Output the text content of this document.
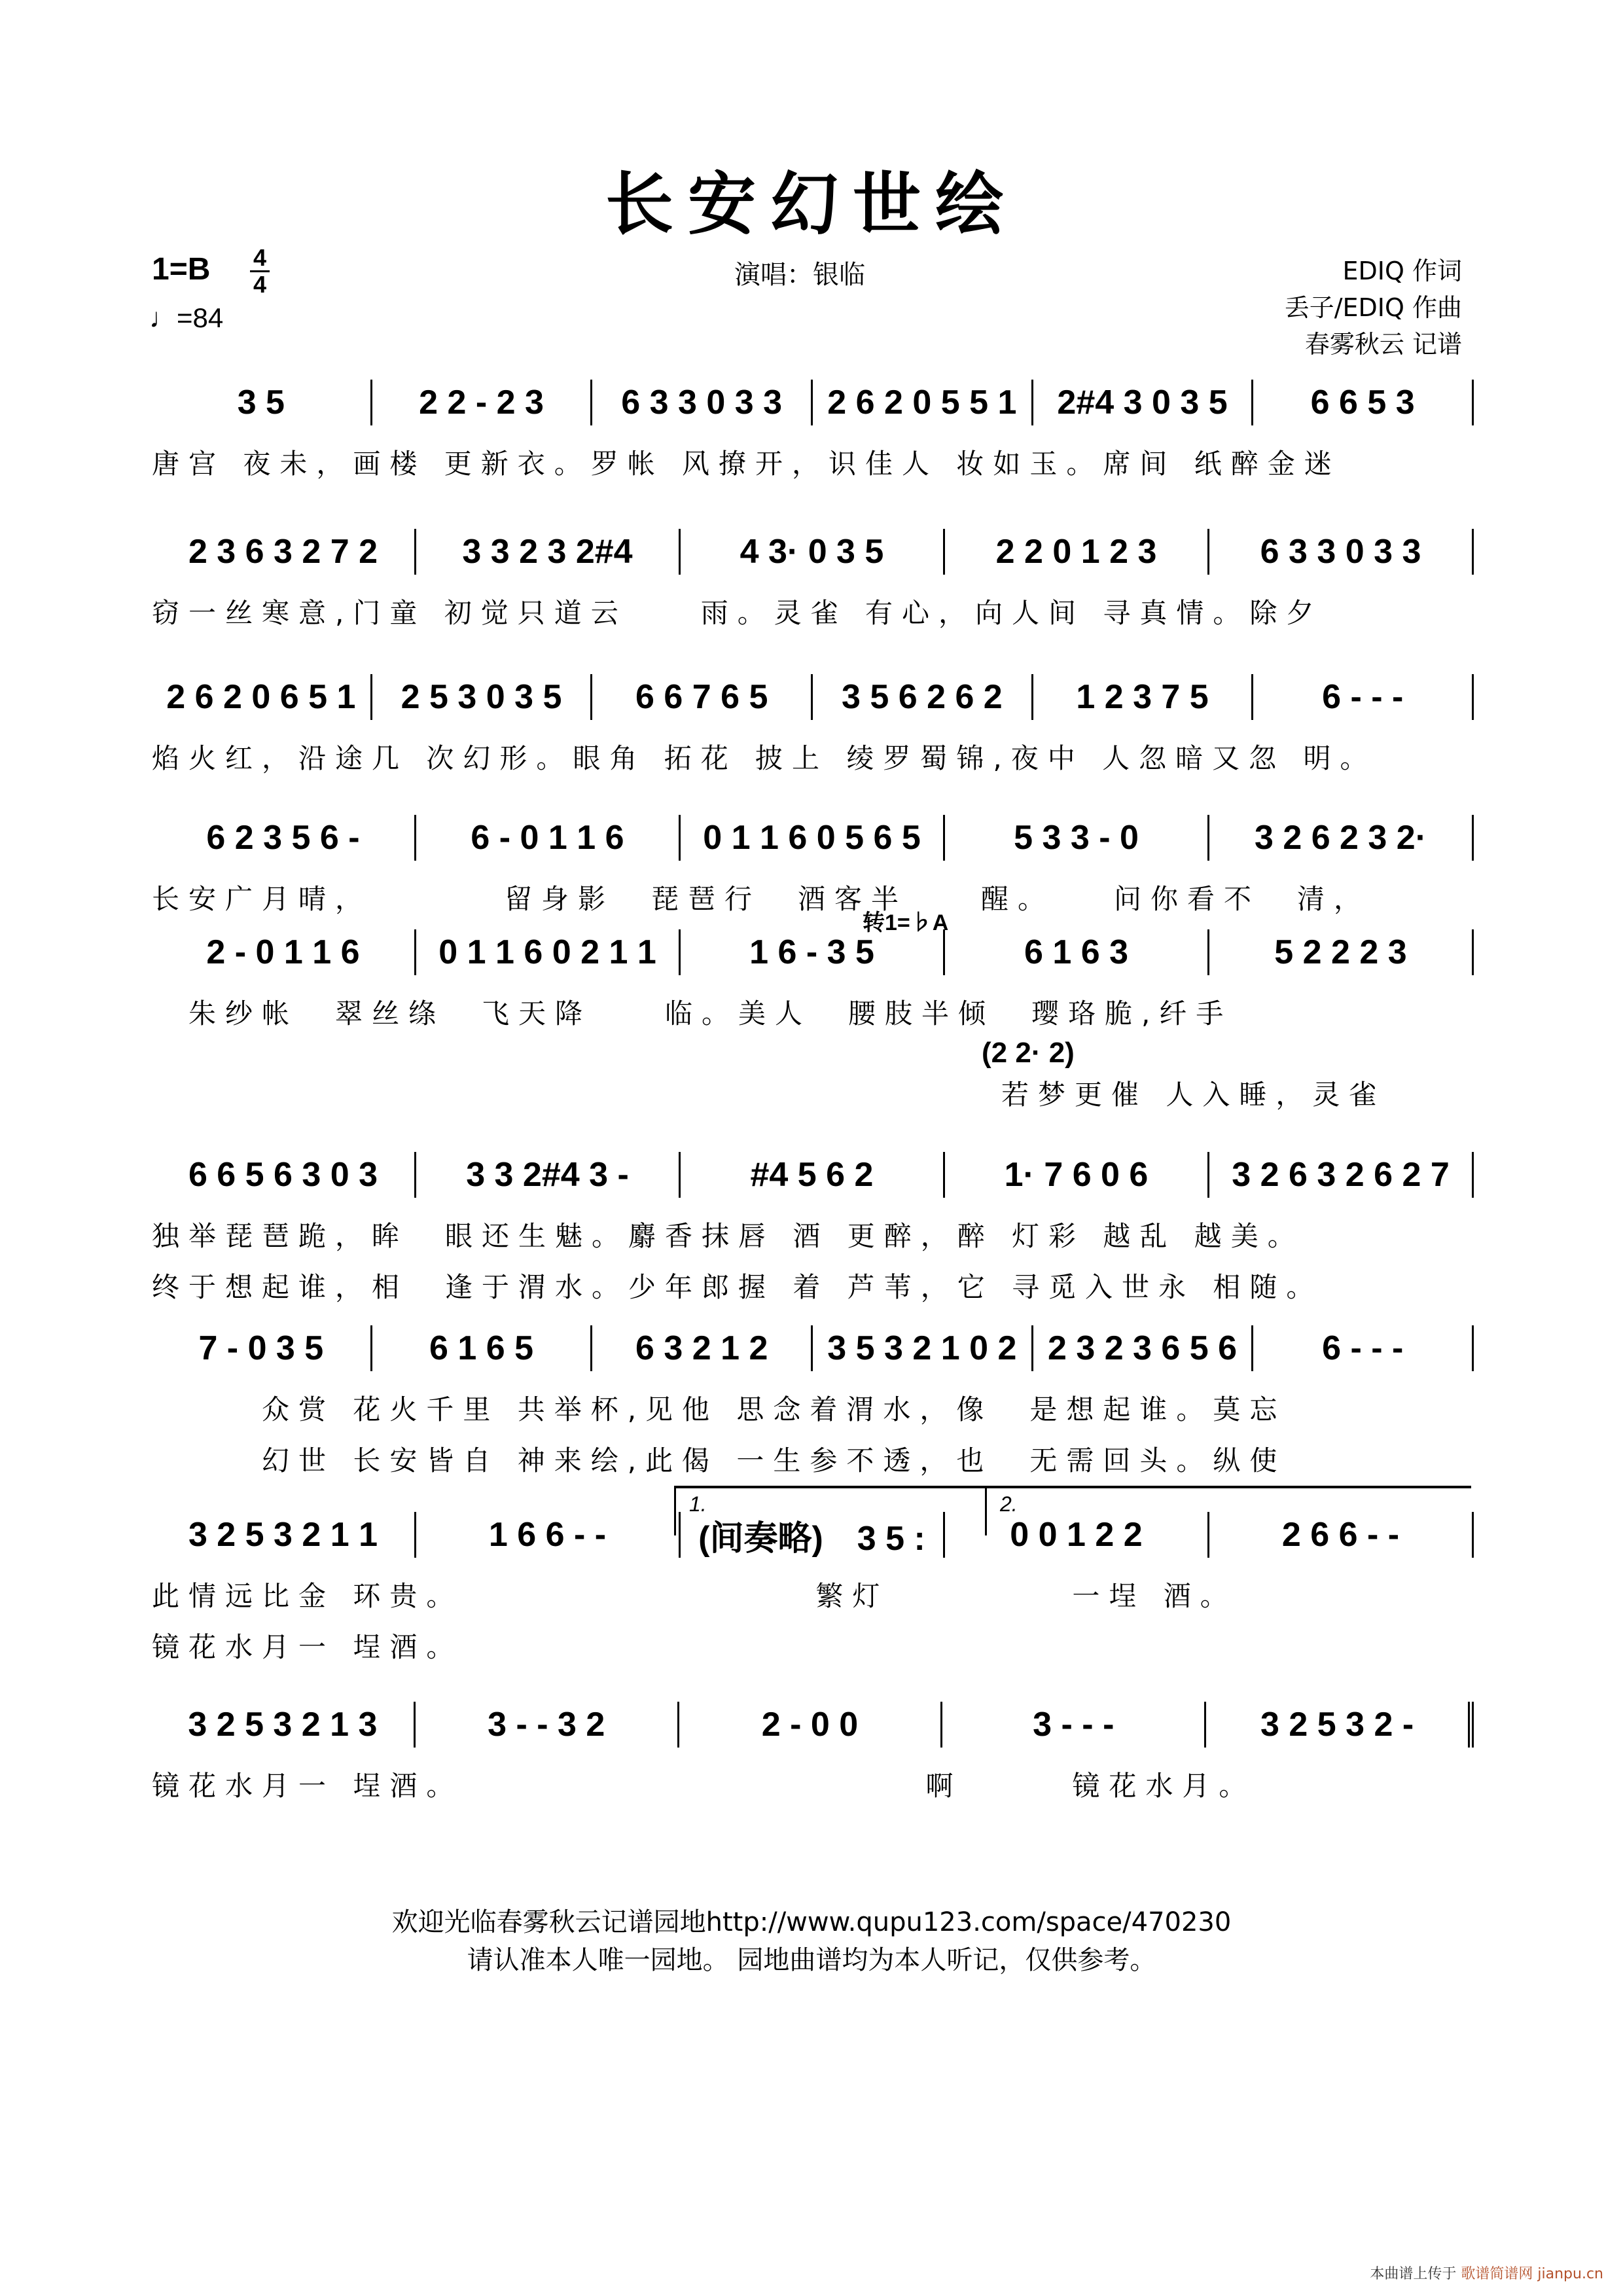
长安幻世绘
1=B 4
4
♩=84
演唱：银临	EDIQ 作词
丢子/EDIQ 作曲
春雾秋云 记谱
3 5	2 2 - 2 3	6 3 3 0 3 3	2 6 2 0 5 5 1	2#4 3 0 3 5	6 6 5 3
唐宫 夜未，画楼 更新衣。罗帐 风撩开，识佳人 妆如玉。席间 纸醉金迷
2 3 6 3 2 7 2	3 3 2 3 2#4	4 3· 0 3 5	2 2 0 1 2 3	6 3 3 0 3 3
窃一丝寒意,门童 初觉只道云　　雨。灵雀 有心，向人间 寻真情。除夕
2 6 2 0 6 5 1	2 5 3 0 3 5	6 6 7 6 5	3 5 6 2 6 2	1 2 3 7 5	6 - - -
焰火红，沿途几 次幻形。眼角 拓花 披上 绫罗蜀锦,夜中 人忽暗又忽 明。
6 2 3 5 6 -	6 - 0 1 1 6	0 1 1 6 0 5 6 5	5 3 3 - 0	3 2 6 2 3 2·
长安广月晴，　　　　留身影　琵琶行　酒客半　　醒。　　问你看不　清，
2 - 0 1 1 6	0 1 1 6 0 2 1 1	1 6 - 3 5	6 1 6 3	5 2 2 2 3
　朱纱帐　翠丝绦　飞天降　　临。美人　腰肢半倾　璎珞脆,纤手
转1=♭A
(2 2· 2)
若梦更催 人入睡，灵雀
6 6 5 6 3 0 3	3 3 2#4 3 -	#4 5 6 2	1· 7 6 0 6	3 2 6 3 2 6 2 7
独举琵琶跪，眸　眼还生魅。麝香抹唇 酒 更醉，醉 灯彩 越乱 越美。
终于想起谁，相　逢于渭水。少年郎握 着 芦苇，它 寻觅入世永 相随。
7 - 0 3 5	6 1 6 5	6 3 2 1 2	3 5 3 2 1 0 2 2 3 2 3 6 5 6	6 - - -
　　　众赏 花火千里 共举杯,见他 思念着渭水，像　是想起谁。莫忘
　　　幻世 长安皆自 神来绘,此偈 一生参不透，也　无需回头。纵使
3 2 5 3 2 1 1	1 6 6 - -	(间奏略)　3 5 :	0 0 1 2 2	2 6 6 - -
此情远比金 环贵。　　　　　　　　　　繁灯　　　　　一埕 酒。
镜花水月一 埕酒。
1.	2.
3 2 5 3 2 1 3	3 - - 3 2	2 - 0 0	3 - - -	3 2 5 3 2 -
镜花水月一 埕酒。　　　　　　　　　　　　　啊　　　镜花水月。
欢迎光临春雾秋云记谱园地http://www.qupu123.com/space/470230
请认准本人唯一园地。 园地曲谱均为本人听记，仅供参考。
本曲谱上传于 歌谱简谱网 jianpu.cn
